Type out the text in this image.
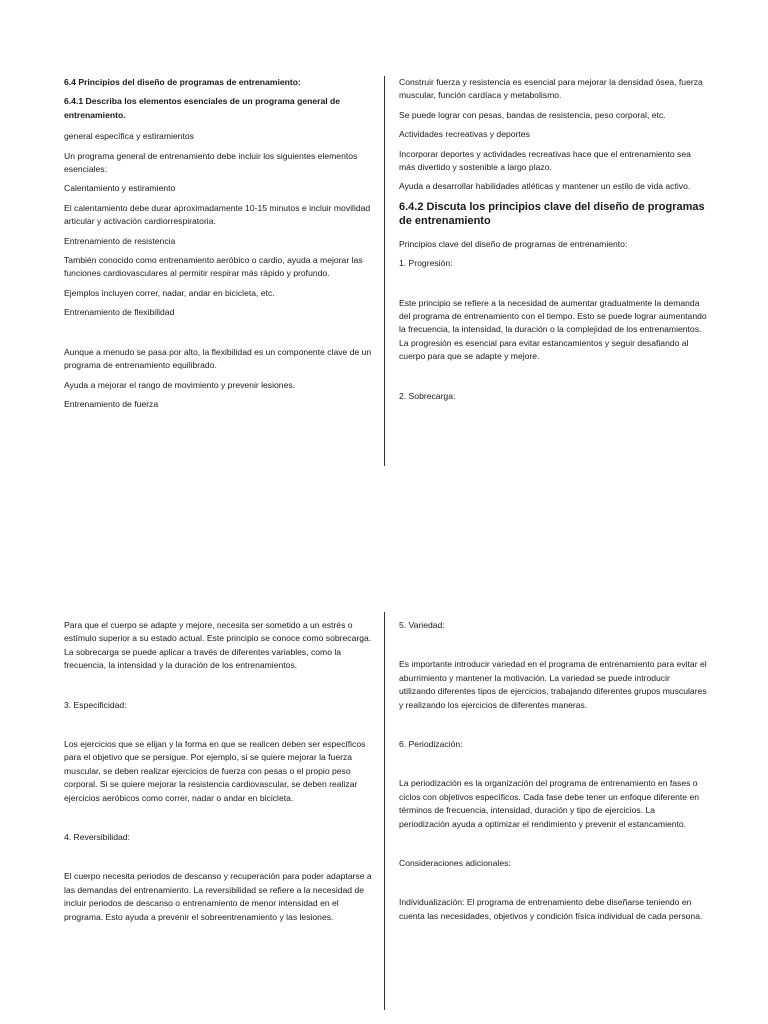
6.4 Principios del diseño de programas de entrenamiento:

6.4.1 Describa los elementos esenciales de un programa general de entrenamiento.

general específica y estiramientos

Un programa general de entrenamiento debe incluir los siguientes elementos esenciales:

Calentamiento y estiramiento

El calentamiento debe durar aproximadamente 10-15 minutos e incluir movilidad articular y activación cardiorrespiratoria.

Entrenamiento de resistencia

También conocido como entrenamiento aeróbico o cardio, ayuda a mejorar las funciones cardiovasculares al permitir respirar más rápido y profundo.

Ejemplos incluyen correr, nadar, andar en bicicleta, etc.

Entrenamiento de flexibilidad

Aunque a menudo se pasa por alto, la flexibilidad es un componente clave de un programa de entrenamiento equilibrado.

Ayuda a mejorar el rango de movimiento y prevenir lesiones.

Entrenamiento de fuerza

Construir fuerza y resistencia es esencial para mejorar la densidad ósea, fuerza muscular, función cardíaca y metabolismo.

Se puede lograr con pesas, bandas de resistencia, peso corporal, etc.

Actividades recreativas y deportes

Incorporar deportes y actividades recreativas hace que el entrenamiento sea más divertido y sostenible a largo plazo.

Ayuda a desarrollar habilidades atléticas y mantener un estilo de vida activo.

6.4.2 Discuta los principios clave del diseño de programas de entrenamiento

Principios clave del diseño de programas de entrenamiento:

1. Progresión:

Este principio se refiere a la necesidad de aumentar gradualmente la demanda del programa de entrenamiento con el tiempo. Esto se puede lograr aumentando la frecuencia, la intensidad, la duración o la complejidad de los entrenamientos. La progresión es esencial para evitar estancamientos y seguir desafiando al cuerpo para que se adapte y mejore.

2. Sobrecarga:

Para que el cuerpo se adapte y mejore, necesita ser sometido a un estrés o estímulo superior a su estado actual. Este principio se conoce como sobrecarga. La sobrecarga se puede aplicar a través de diferentes variables, como la frecuencia, la intensidad y la duración de los entrenamientos.

3. Especificidad:

Los ejercicios que se elijan y la forma en que se realicen deben ser específicos para el objetivo que se persigue. Por ejemplo, si se quiere mejorar la fuerza muscular, se deben realizar ejercicios de fuerza con pesas o el propio peso corporal. Si se quiere mejorar la resistencia cardiovascular, se deben realizar ejercicios aeróbicos como correr, nadar o andar en bicicleta.

4. Reversibilidad:

El cuerpo necesita periodos de descanso y recuperación para poder adaptarse a las demandas del entrenamiento. La reversibilidad se refiere a la necesidad de incluir periodos de descanso o entrenamiento de menor intensidad en el programa. Esto ayuda a prevenir el sobreentrenamiento y las lesiones.

5. Variedad:

Es importante introducir variedad en el programa de entrenamiento para evitar el aburrimiento y mantener la motivación. La variedad se puede introducir utilizando diferentes tipos de ejercicios, trabajando diferentes grupos musculares y realizando los ejercicios de diferentes maneras.

6. Periodización:

La periodización es la organización del programa de entrenamiento en fases o ciclos con objetivos específicos. Cada fase debe tener un enfoque diferente en términos de frecuencia, intensidad, duración y tipo de ejercicios. La periodización ayuda a optimizar el rendimiento y prevenir el estancamiento.

Consideraciones adicionales:

Individualización: El programa de entrenamiento debe diseñarse teniendo en cuenta las necesidades, objetivos y condición física individual de cada persona.
